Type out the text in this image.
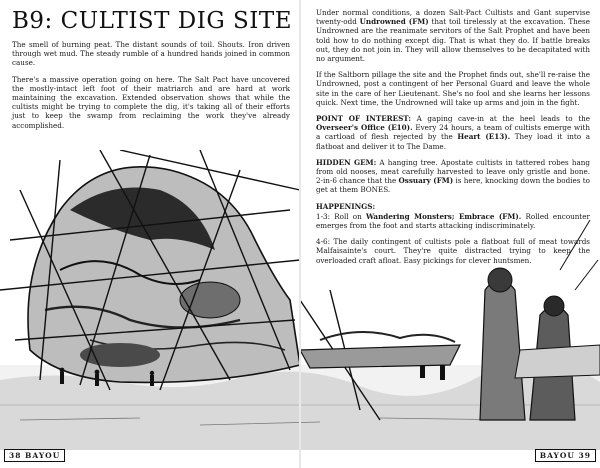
B9: CULTIST DIG SITE

The smell of burning peat. The distant sounds of toil. Shouts. Iron driven through wet mud. The steady rumble of a hundred hands joined in common cause.

There's a massive operation going on here. The Salt Pact have uncovered the mostly-intact left foot of their matriarch and are hard at work maintaining the excavation. Extended observation shows that while the cultists might be trying to complete the dig, it's taking all of their efforts just to keep the swamp from reclaiming the work they've already accomplished.

38 BAYOU

Under normal conditions, a dozen Salt-Pact Cultists and Gant supervise twenty-odd Undrowned (FM) that toil tirelessly at the excavation. These Undrowned are the reanimate servitors of the Salt Prophet and have been told how to do nothing except dig. That is what they do. If battle breaks out, they do not join in. They will allow themselves to be decapitated with no argument.

If the Saltborn pillage the site and the Prophet finds out, she'll re-raise the Undrowned, post a contingent of her Personal Guard and leave the whole site in the care of her Lieutenant. She's no fool and she learns her lessons quick. Next time, the Undrowned will take up arms and join in the fight.

POINT OF INTEREST: A gaping cave-in at the heel leads to the Overseer's Office (E10). Every 24 hours, a team of cultists emerge with a cartload of flesh rejected by the Heart (E13). They load it into a flatboat and deliver it to The Dame.

HIDDEN GEM: A hanging tree. Apostate cultists in tattered robes hang from old nooses, meat carefully harvested to leave only gristle and bone. 2-in-6 chance that the Ossuary (FM) is here, knocking down the bodies to get at them BONES.

HAPPENINGS:

1-3: Roll on Wandering Monsters; Embrace (FM). Rolled encounter emerges from the foot and starts attacking indiscriminately.

4-6: The daily contingent of cultists pole a flatboat full of meat towards Malfaisainte's court. They're quite distracted trying to keep the overloaded craft afloat. Easy pickings for clever huntsmen.

BAYOU 39
